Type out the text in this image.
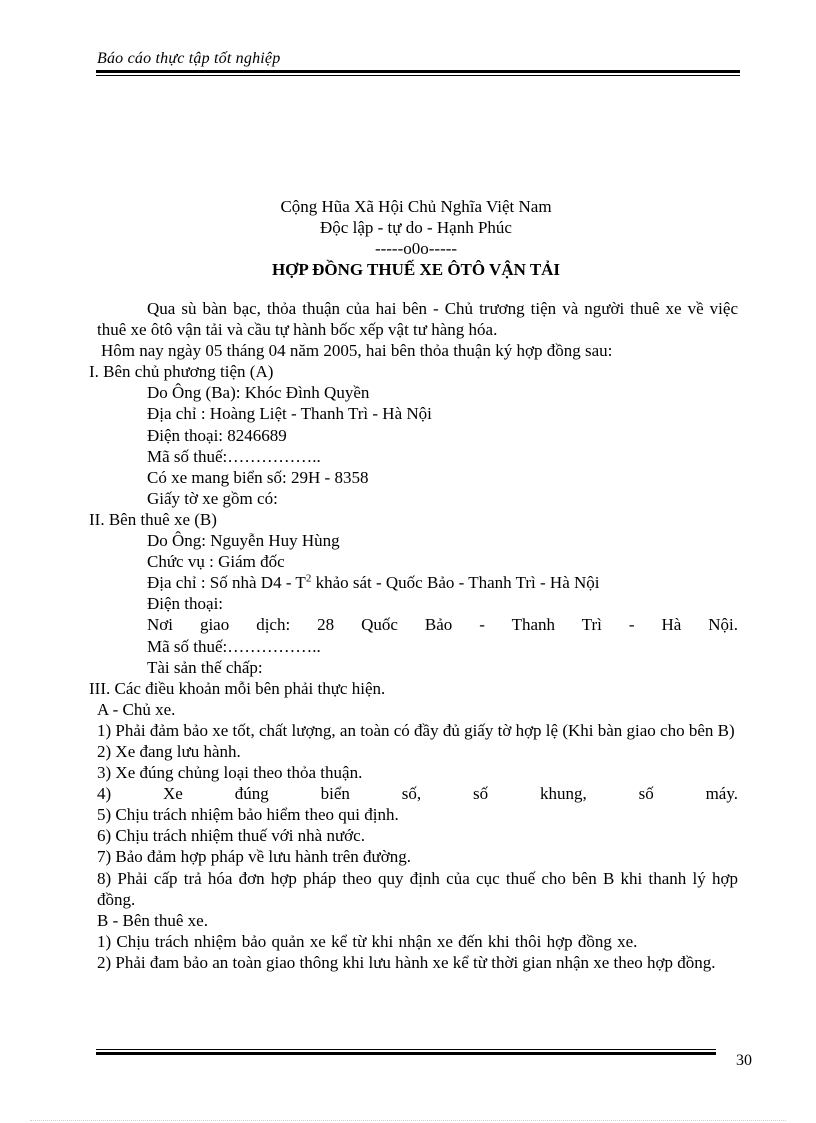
Báo cáo thực tập tốt nghiệp
Cộng Hũa Xã Hội Chủ Nghĩa Việt Nam
Độc lập - tự do - Hạnh Phúc
-----o0o-----
HỢP ĐỒNG THUẾ XE ÔTÔ VẬN TẢI

Qua sù bàn bạc, thỏa thuận của hai bên - Chủ trương tiện và người thuê xe về việc thuê xe ôtô vận tải và cầu tự hành bốc xếp vật tư hàng hóa.

Hôm nay ngày 05 tháng 04 năm 2005, hai bên thỏa thuận ký hợp đồng sau:

I. Bên chủ phương tiện (A)

Do Ông (Ba): Khóc Đình Quyền

Địa chỉ : Hoàng Liệt - Thanh Trì - Hà Nội

Điện thoại: 8246689

Mã số thuế:……………..

Có xe mang biển số: 29H - 8358

Giấy tờ xe gồm có:

II. Bên thuê xe (B)

Do Ông: Nguyễn Huy Hùng

Chức vụ : Giám đốc

Địa chỉ : Số nhà $D4 - T^2$ khảo sát - Quốc Bảo - Thanh Trì - Hà Nội

Điện thoại:

Nơi giao dịch: 28 Quốc Bảo - Thanh Trì - Hà Nội.

Mã số thuế:……………..

Tài sản thế chấp:

III. Các điều khoản mỗi bên phải thực hiện.

A - Chủ xe.

1) Phải đảm bảo xe tốt, chất lượng, an toàn có đầy đủ giấy tờ hợp lệ (Khi bàn giao cho bên B)

2) Xe đang lưu hành.

3) Xe đúng chủng loại theo thỏa thuận.

4) Xe đúng biển số, số khung, số máy.

5) Chịu trách nhiệm bảo hiểm theo qui định.

6) Chịu trách nhiệm thuế với nhà nước.

7) Bảo đảm hợp pháp về lưu hành trên đường.

8) Phải cấp trả hóa đơn hợp pháp theo quy định của cục thuế cho bên B khi thanh lý hợp đồng.

B - Bên thuê xe.

1) Chịu trách nhiệm bảo quản xe kể từ khi nhận xe đến khi thôi hợp đồng xe.

2) Phải đam bảo an toàn giao thông khi lưu hành xe kể từ thời gian nhận xe theo hợp đồng.

30
